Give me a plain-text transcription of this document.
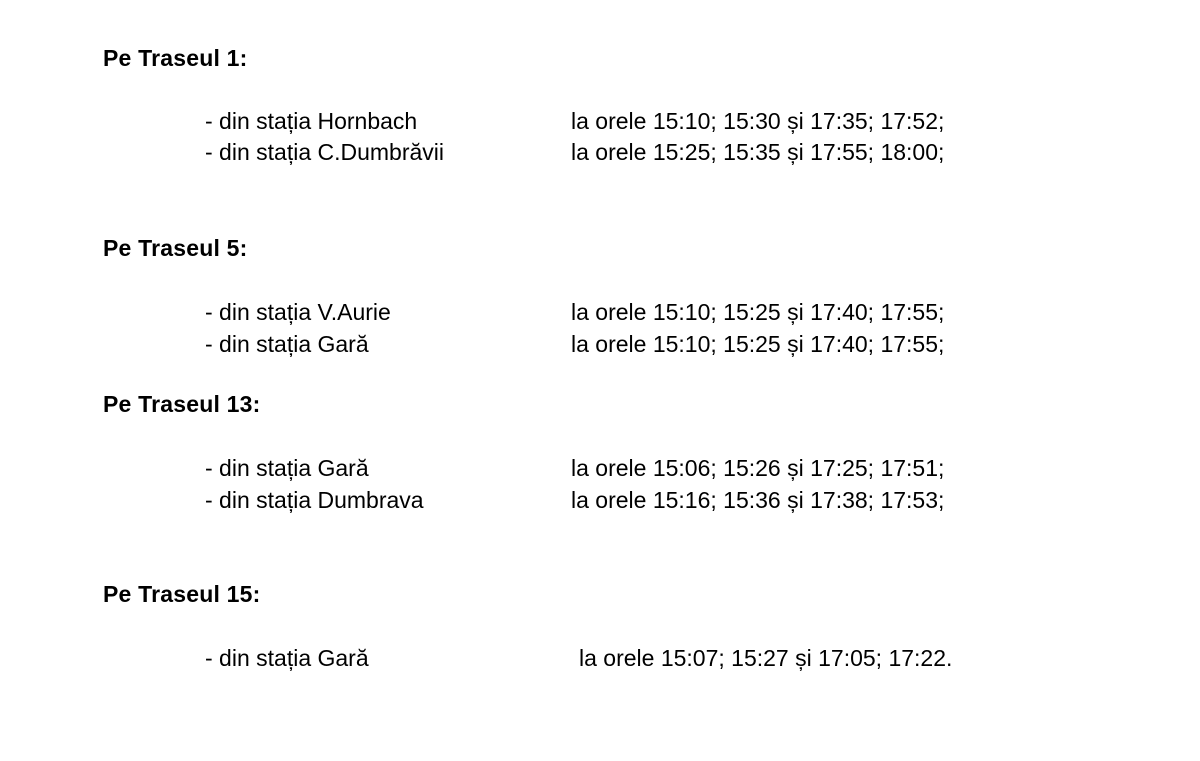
Pe Traseul 1:
- din stația Hornbach	la orele 15:10; 15:30 și 17:35; 17:52;
- din stația C.Dumbrăvii	la orele 15:25; 15:35 și 17:55; 18:00;
Pe Traseul 5:
- din stația V.Aurie	la orele 15:10; 15:25 și 17:40; 17:55;
- din stația Gară	la orele 15:10; 15:25 și 17:40; 17:55;
Pe Traseul 13:
- din stația Gară	la orele 15:06; 15:26 și 17:25; 17:51;
- din stația Dumbrava	la orele 15:16; 15:36 și 17:38; 17:53;
Pe Traseul 15:
- din stația Gară	la orele 15:07; 15:27 și 17:05; 17:22.
